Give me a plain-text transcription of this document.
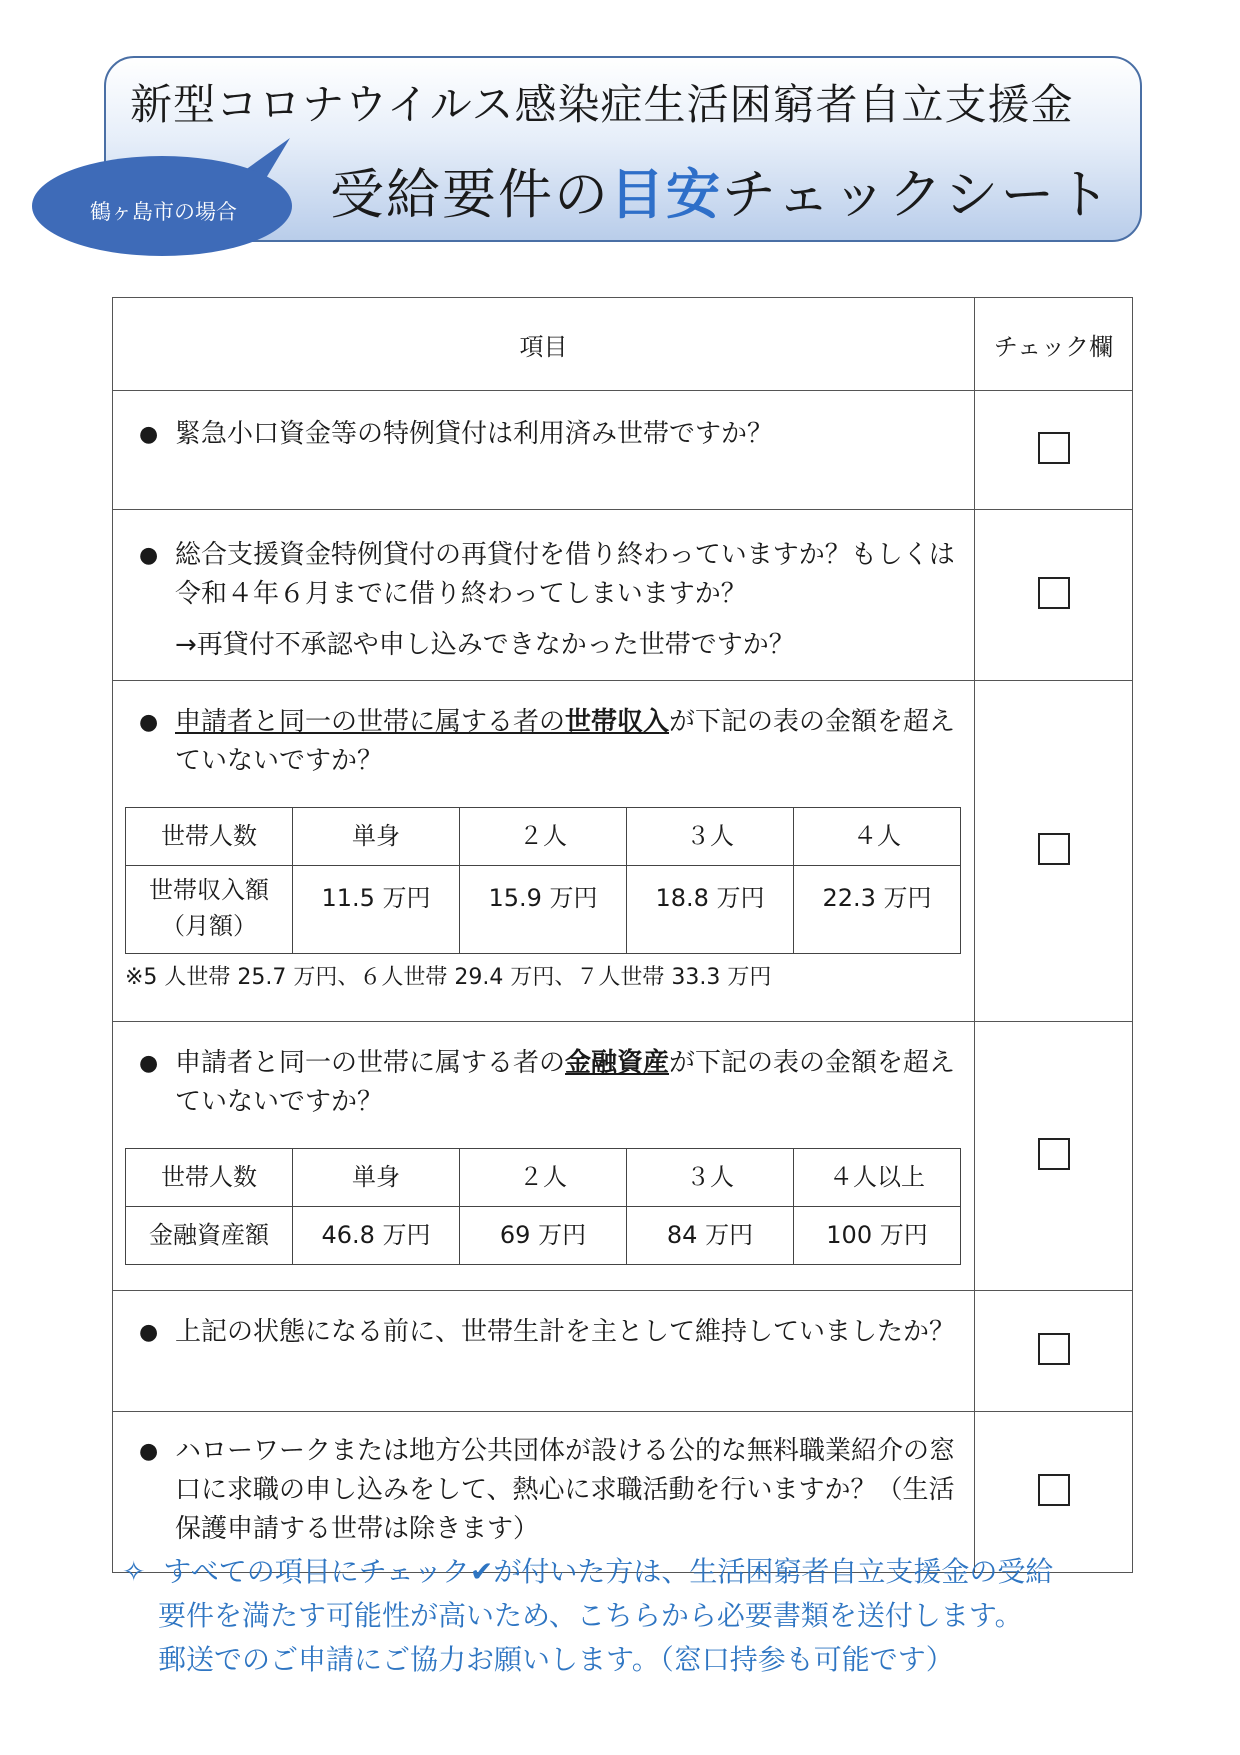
鶴ヶ島市の場合
新型コロナウイルス感染症生活困窮者自立支援金
受給要件の目安チェックシート
項目	チェック欄

● 緊急小口資金等の特例貸付は利用済み世帯ですか？

● 総合支援資金特例貸付の再貸付を借り終わっていますか？もしくは令和４年６月までに借り終わってしまいますか？
→再貸付不承認や申し込みできなかった世帯ですか？

● 申請者と同一の世帯に属する者の世帯収入が下記の表の金額を超えていないですか？
世帯人数	単身	２人	３人	４人

世帯収入額
（月額）
	11.5 万円	15.9 万円	18.8 万円	22.3 万円
※5 人世帯 25.7 万円、６人世帯 29.4 万円、７人世帯 33.3 万円

● 申請者と同一の世帯に属する者の金融資産が下記の表の金額を超えていないですか？
世帯人数	単身	２人	３人	４人以上
金融資産額	46.8 万円	69 万円	84 万円	100 万円

● 上記の状態になる前に、世帯生計を主として維持していましたか？

● ハローワークまたは地方公共団体が設ける公的な無料職業紹介の窓口に求職の申し込みをして、熱心に求職活動を行いますか？（生活保護申請する世帯は除きます）

✧ すべての項目にチェック✔が付いた方は、生活困窮者自立支援金の受給
要件を満たす可能性が高いため、こちらから必要書類を送付します。
郵送でのご申請にご協力お願いします。（窓口持参も可能です）
